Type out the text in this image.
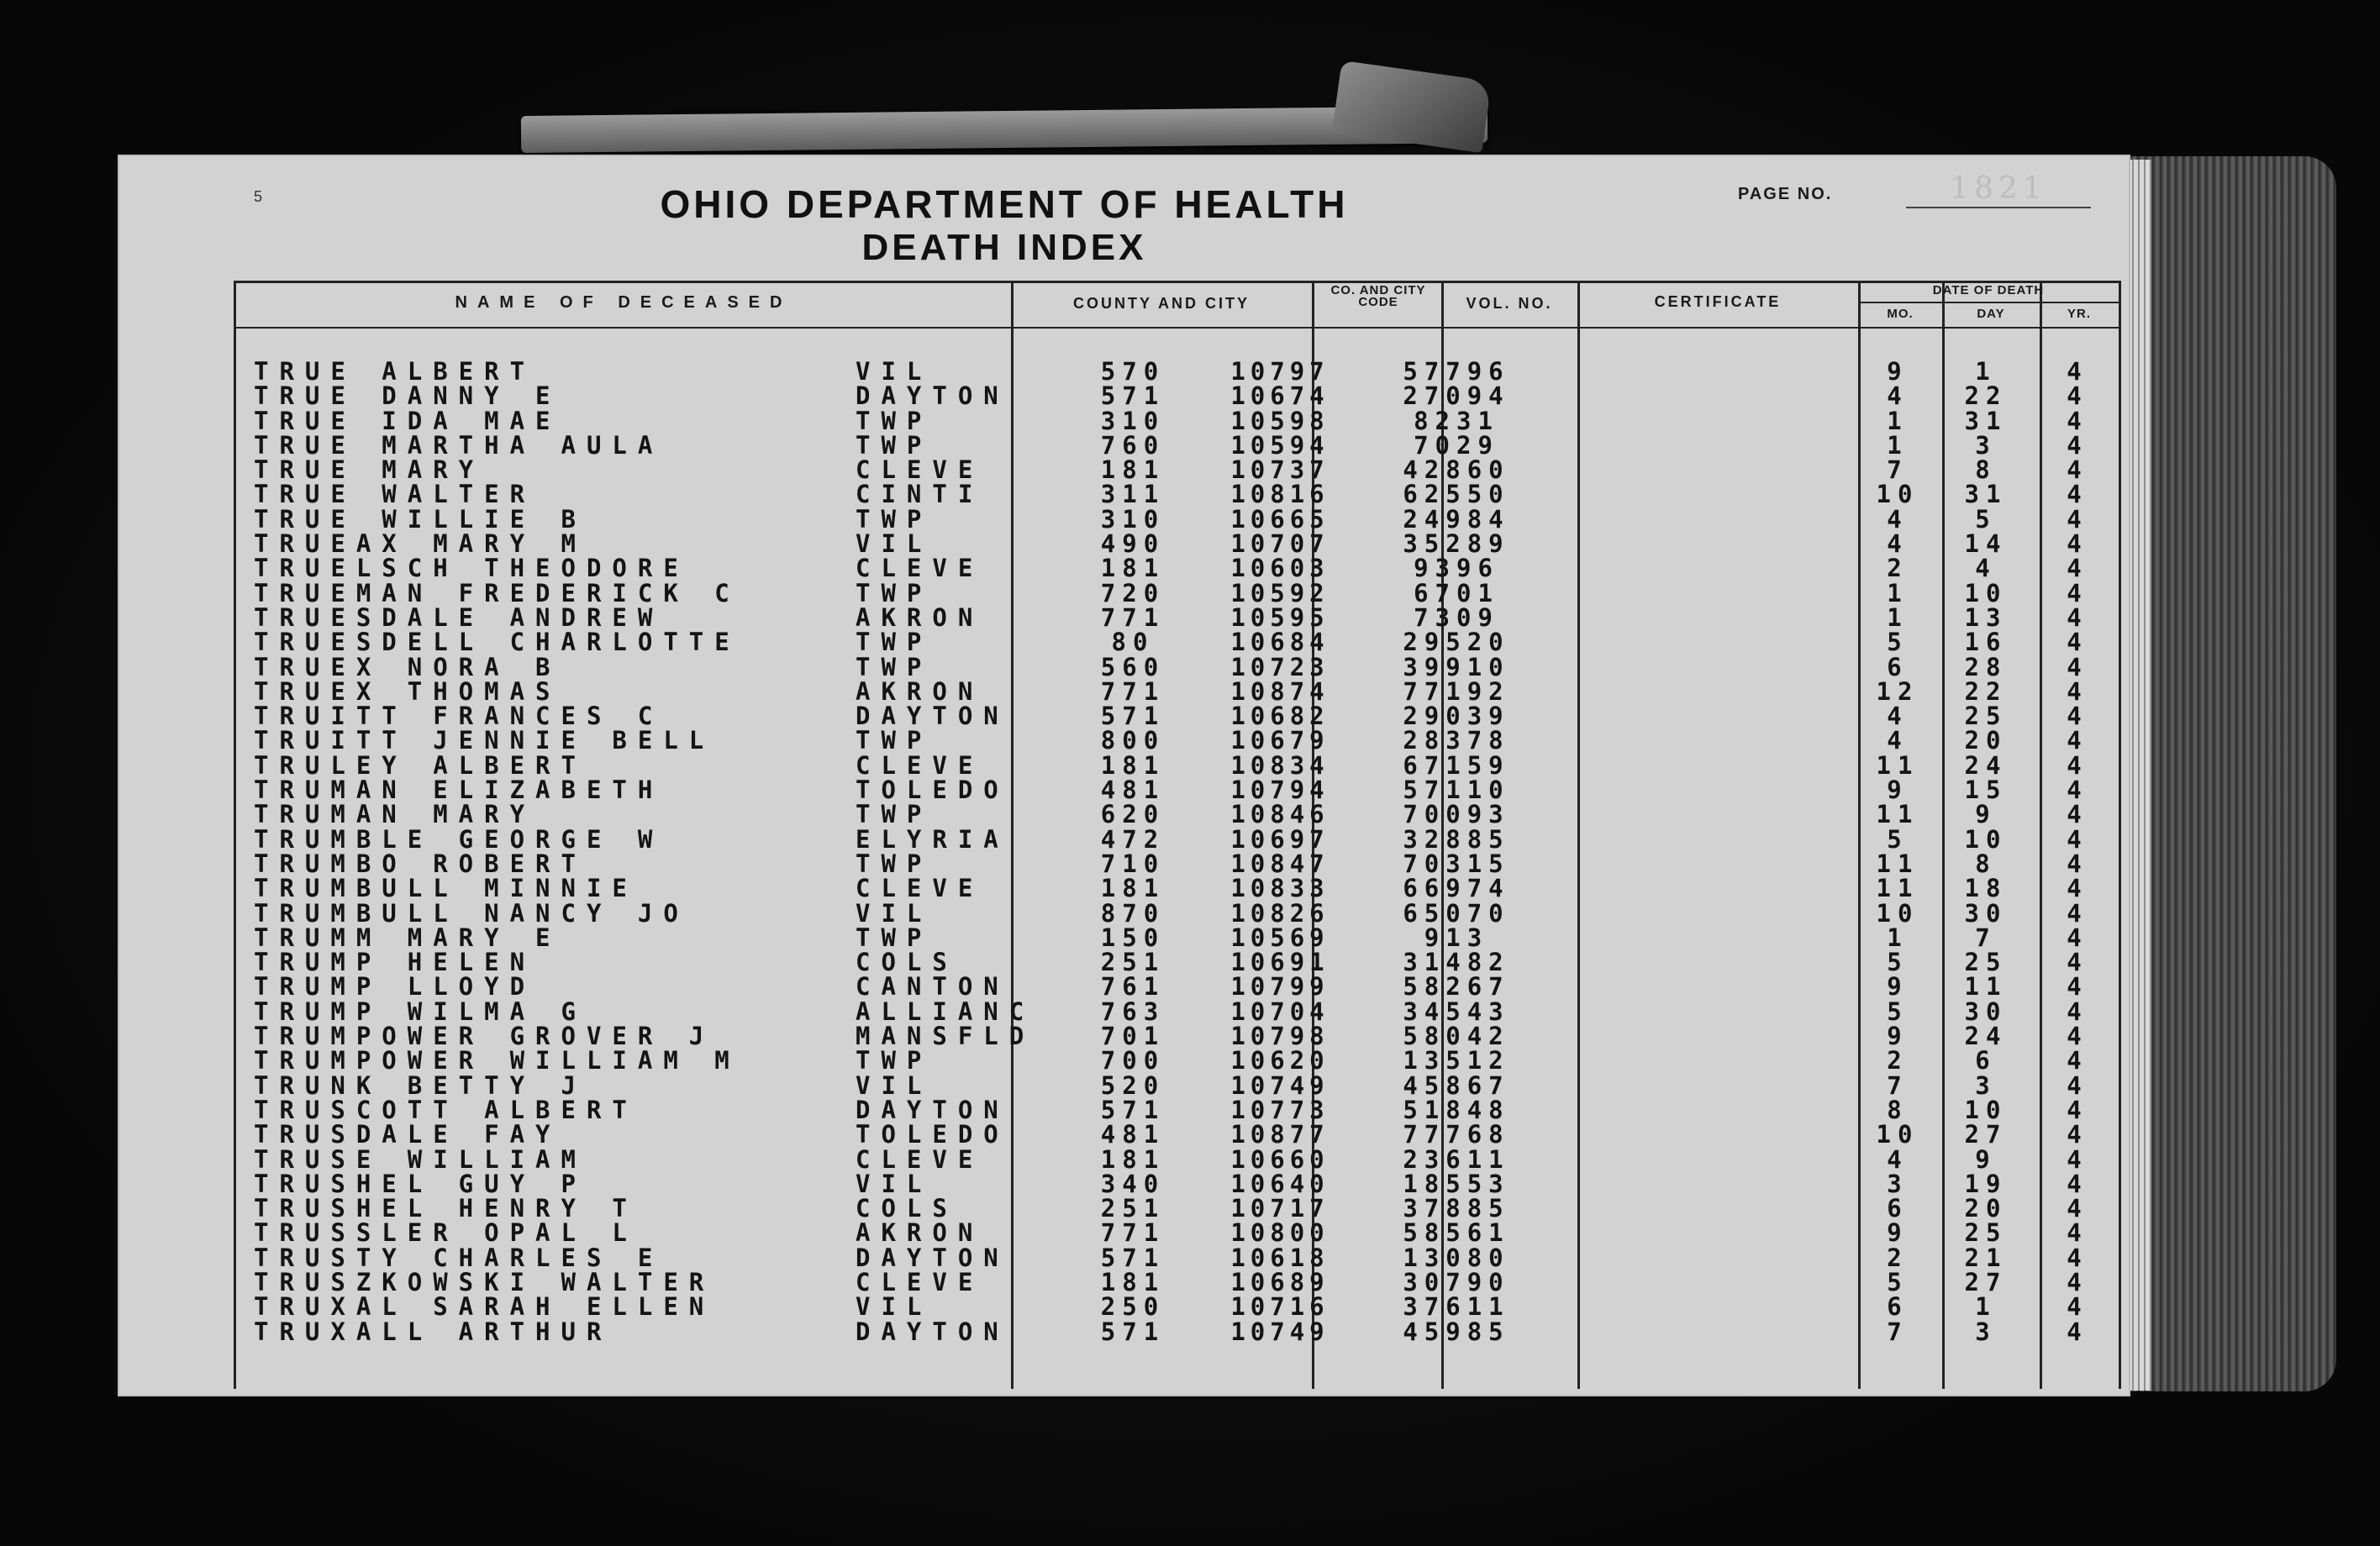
5	OHIO DEPARTMENT OF HEALTH
DEATH INDEX
PAGE NO.	1821
NAME OF DECEASED	COUNTY AND CITY
CO. AND CITY CODE	VOL. NO.	CERTIFICATE
DATE OF DEATH
MO.	DAY	YR.
TRUE ALBERT	VIL	570	10797	57796	9	1	4
TRUE DANNY E	DAYTON	571	10674	27094	4	22	4
TRUE IDA MAE	TWP	310	10598	8231	1	31	4
TRUE MARTHA AULA	TWP	760	10594	7029	1	3	4
TRUE MARY	CLEVE	181	10737	42860	7	8	4
TRUE WALTER	CINTI	311	10816	62550	10	31	4
TRUE WILLIE B	TWP	310	10665	24984	4	5	4
TRUEAX MARY M	VIL	490	10707	35289	4	14	4
TRUELSCH THEODORE	CLEVE	181	10603	9396	2	4	4
TRUEMAN FREDERICK C	TWP	720	10592	6701	1	10	4
TRUESDALE ANDREW	AKRON	771	10595	7309	1	13	4
TRUESDELL CHARLOTTE	TWP	80	10684	29520	5	16	4
TRUEX NORA B	TWP	560	10723	39910	6	28	4
TRUEX THOMAS	AKRON	771	10874	77192	12	22	4
TRUITT FRANCES C	DAYTON	571	10682	29039	4	25	4
TRUITT JENNIE BELL	TWP	800	10679	28378	4	20	4
TRULEY ALBERT	CLEVE	181	10834	67159	11	24	4
TRUMAN ELIZABETH	TOLEDO	481	10794	57110	9	15	4
TRUMAN MARY	TWP	620	10846	70093	11	9	4
TRUMBLE GEORGE W	ELYRIA	472	10697	32885	5	10	4
TRUMBO ROBERT	TWP	710	10847	70315	11	8	4
TRUMBULL MINNIE	CLEVE	181	10833	66974	11	18	4
TRUMBULL NANCY JO	VIL	870	10826	65070	10	30	4
TRUMM MARY E	TWP	150	10569	913	1	7	4
TRUMP HELEN	COLS	251	10691	31482	5	25	4
TRUMP LLOYD	CANTON	761	10799	58267	9	11	4
TRUMP WILMA G	ALLIANC	763	10704	34543	5	30	4
TRUMPOWER GROVER J	MANSFLD	701	10798	58042	9	24	4
TRUMPOWER WILLIAM M	TWP	700	10620	13512	2	6	4
TRUNK BETTY J	VIL	520	10749	45867	7	3	4
TRUSCOTT ALBERT	DAYTON	571	10773	51848	8	10	4
TRUSDALE FAY	TOLEDO	481	10877	77768	10	27	4
TRUSE WILLIAM	CLEVE	181	10660	23611	4	9	4
TRUSHEL GUY P	VIL	340	10640	18553	3	19	4
TRUSHEL HENRY T	COLS	251	10717	37885	6	20	4
TRUSSLER OPAL L	AKRON	771	10800	58561	9	25	4
TRUSTY CHARLES E	DAYTON	571	10618	13080	2	21	4
TRUSZKOWSKI WALTER	CLEVE	181	10689	30790	5	27	4
TRUXAL SARAH ELLEN	VIL	250	10716	37611	6	1	4
TRUXALL ARTHUR	DAYTON	571	10749	45985	7	3	4
